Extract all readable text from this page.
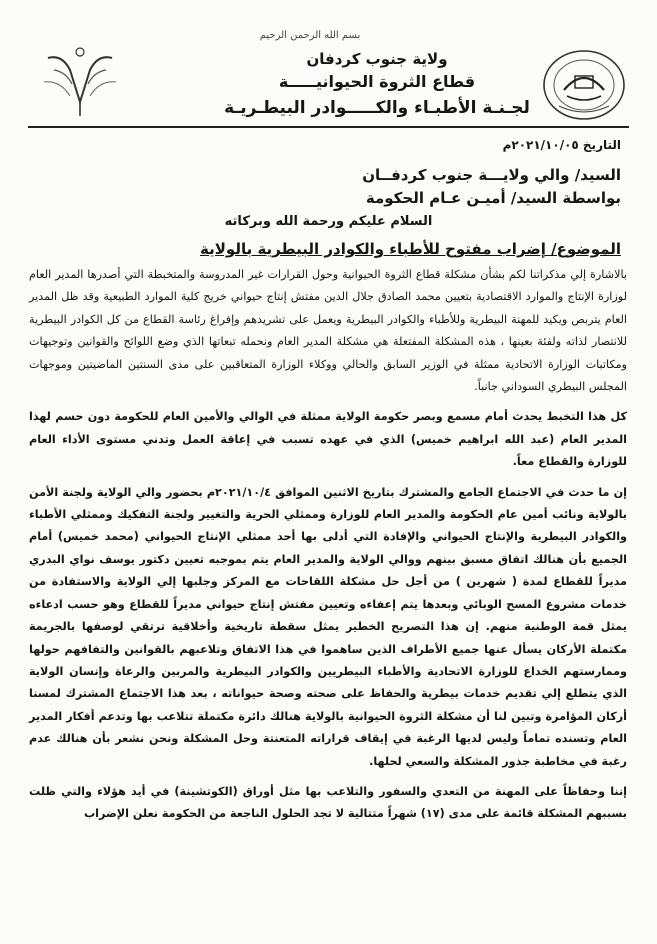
بسم الله الرحمن الرحيم
ولاية جنوب كردفان
قطاع الثروة الحيوانيـــــة
لجـنـة الأطبـاء والكـــــوادر البيطـريـة
التاريخ ٢٠٢١/١٠/٠٥م
السيد/ والي ولايـــة جنوب كردفــان
بواسطة السيد/ أميـن عـام الحكومة
السلام عليكم ورحمة الله وبركاته
الموضوع/ إضراب مفتوح للأطباء والكوادر البيطرية بالولاية

بالاشارة إلي مذكراتنا لكم بشأن مشكلة قطاع الثروة الحيوانية وحول القرارات غير المدروسة والمتخبطة التي أصدرها المدير العام لوزارة الإنتاج والموارد الاقتصادية بتعيين محمد الصادق جلال الدين مفتش إنتاج حيواني خريج كلية الموارد الطبيعية وقد ظل المدير العام يتربص ويكيد للمهنة البيطرية وللأطباء والكوادر البيطرية ويعمل على تشريدهم وإفراغ رئاسة القطاع من كل الكوادر البيطرية للانتصار لذاته ولفئة بعينها ، هذه المشكلة المفتعلة هي مشكلة المدير العام ونحمله تبعاتها الذي وضع اللوائح والقوانين وتوجيهات ومكاتبات الوزارة الاتحادية ممثلة في الوزير السابق والحالي ووكلاء الوزارة المتعاقبين على مدى السنتين الماضيتين وموجهات المجلس البيطري السوداني جانباً.

كل هذا التخبط يحدث أمام مسمع وبصر حكومة الولاية ممثلة في الوالي والأمين العام للحكومة دون حسم لهذا المدير العام (عبد الله ابراهيم خميس) الذي في عهده تسبب في إعاقة العمل وتدني مستوى الأداء العام للوزارة والقطاع معاً.

إن ما حدث في الاجتماع الجامع والمشترك بتاريخ الاثنين الموافق ٢٠٢١/١٠/٤م بحضور والي الولاية ولجنة الأمن بالولاية ونائب أمين عام الحكومة والمدير العام للوزارة وممثلي الحرية والتغيير ولجنة التفكيك وممثلي الأطباء والكوادر البيطرية والإنتاج الحيواني والإفادة التي أدلى بها أحد ممثلي الإنتاج الحيواني (محمد خميس) أمام الجميع بأن هنالك اتفاق مسبق بينهم ووالي الولاية والمدير العام يتم بموجبه تعيين دكتور يوسف نواي البدري مديراً للقطاع لمدة ( شهرين ) من أجل حل مشكلة اللقاحات مع المركز وجلبها إلي الولاية والاستفادة من خدمات مشروع المسح الوبائي وبعدها يتم إعفاءه وتعيين مفتش إنتاج حيواني مديراً للقطاع وهو حسب ادعاءه يمثل قمة الوطنية منهم. إن هذا التصريح الخطير يمثل سقطة تاريخية وأخلاقية ترتقي لوصفها بالجريمة مكتملة الأركان يسأل عنها جميع الأطراف الذين ساهموا في هذا الاتفاق وتلاعبهم بالقوانين والتفافهم حولها وممارستهم الخداع للوزارة الاتحادية والأطباء البيطريين والكوادر البيطرية والمربين والرعاة وإنسان الولاية الذي يتطلع إلي تقديم خدمات بيطرية والحفاظ على صحته وصحة حيواناته ، بعد هذا الاجتماع المشترك لمسنا أركان المؤامرة وتبين لنا أن مشكلة الثروة الحيوانية بالولاية هنالك دائرة مكتملة تتلاعب بها وتدعم أفكار المدير العام وتسنده تماماً وليس لديها الرغبة في إيقاف قراراته المتعنتة وحل المشكلة ونحن نشعر بأن هنالك عدم رغبة في مخاطبة جذور المشكلة والسعي لحلها.

إننا وحفاظاً على المهنة من التعدي والسفور والتلاعب بها مثل أوراق (الكوتشينة) في أيد هؤلاء والتي ظلت بسببهم المشكلة قائمة على مدى (١٧) شهراً متتالية لا تجد الحلول الناجعة من الحكومة نعلن الإضراب
